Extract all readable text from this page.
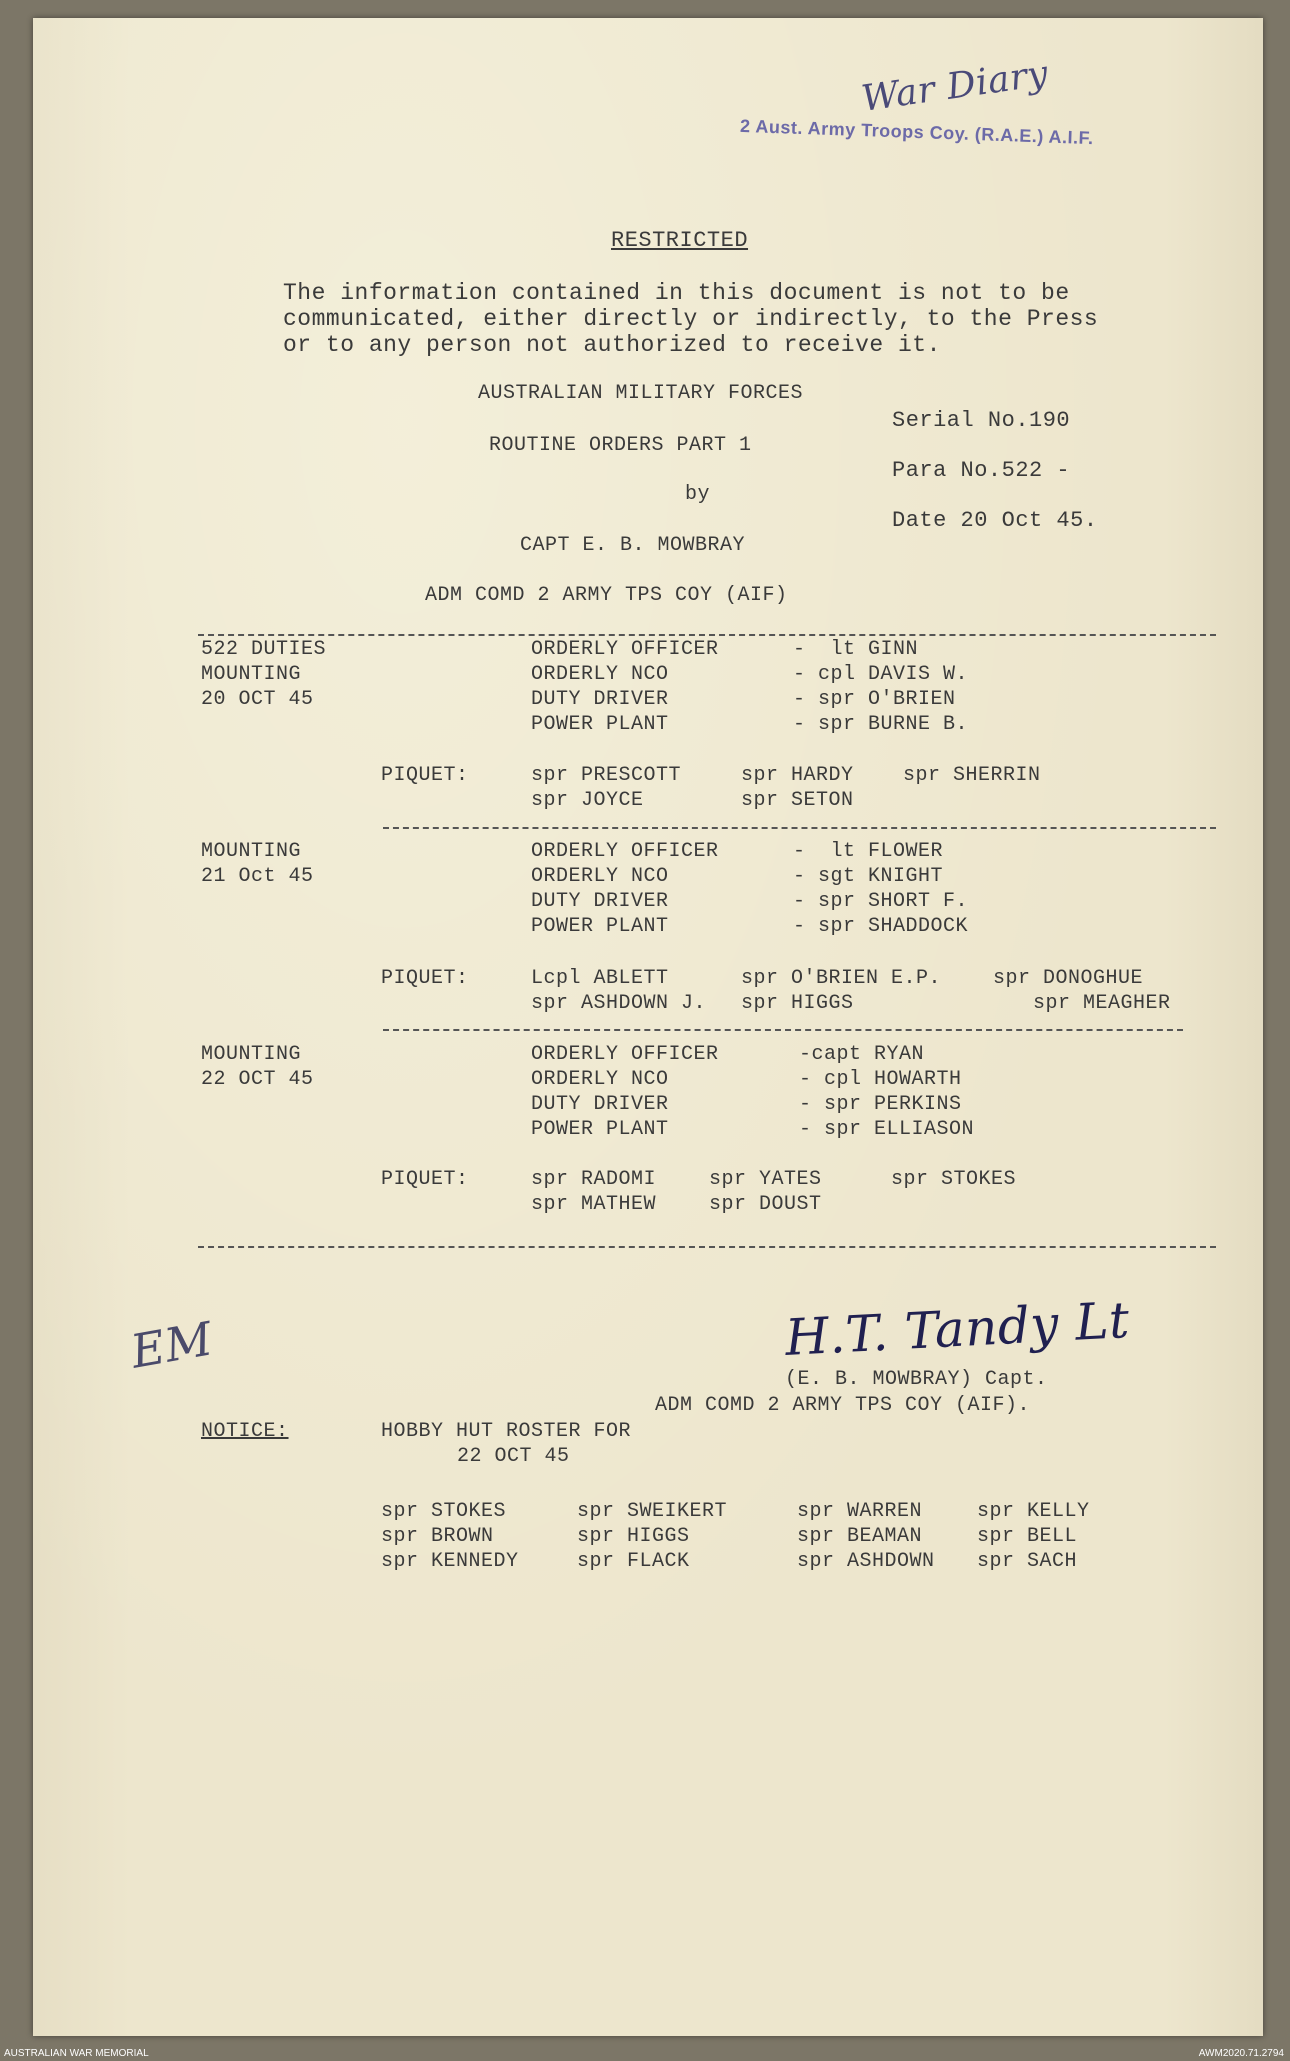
War Diary
2 Aust. Army Troops Coy. (R.A.E.) A.I.F.
RESTRICTED
The information contained in this document is not to be
communicated, either directly or indirectly, to the Press
or to any person not authorized to receive it.
AUSTRALIAN MILITARY FORCES
ROUTINE ORDERS PART 1
by
CAPT E. B. MOWBRAY
ADM COMD 2 ARMY TPS COY (AIF)
Serial No.190
Para No.522 -
Date 20 Oct 45.
522 DUTIES
MOUNTING
20 OCT 45
ORDERLY OFFICER	-  lt GINN
ORDERLY NCO	- cpl DAVIS W.
DUTY DRIVER	- spr O'BRIEN
POWER PLANT	- spr BURNE B.
PIQUET:	spr PRESCOTT	spr HARDY spr SHERRIN
spr JOYCE	spr SETON
MOUNTING
21 Oct 45
ORDERLY OFFICER	-  lt FLOWER
ORDERLY NCO	- sgt KNIGHT
DUTY DRIVER	- spr SHORT F.
POWER PLANT	- spr SHADDOCK
PIQUET:	Lcpl ABLETT	spr O'BRIEN E.P.	spr DONOGHUE
spr ASHDOWN J. spr HIGGS	spr MEAGHER
MOUNTING
22 OCT 45
ORDERLY OFFICER	-capt RYAN
ORDERLY NCO	- cpl HOWARTH
DUTY DRIVER	- spr PERKINS
POWER PLANT	- spr ELLIASON
PIQUET:	spr RADOMI	spr YATES	spr STOKES
spr MATHEW	spr DOUST
EM	H.T. Tandy Lt
(E. B. MOWBRAY) Capt.
ADM COMD 2 ARMY TPS COY (AIF).
NOTICE:	HOBBY HUT ROSTER FOR
22 OCT 45
spr STOKES	spr SWEIKERT	spr WARREN	spr KELLY
spr BROWN	spr HIGGS	spr BEAMAN	spr BELL
spr KENNEDY	spr FLACK	spr ASHDOWN spr SACH
AUSTRALIAN WAR MEMORIAL	AWM2020.71.2794
